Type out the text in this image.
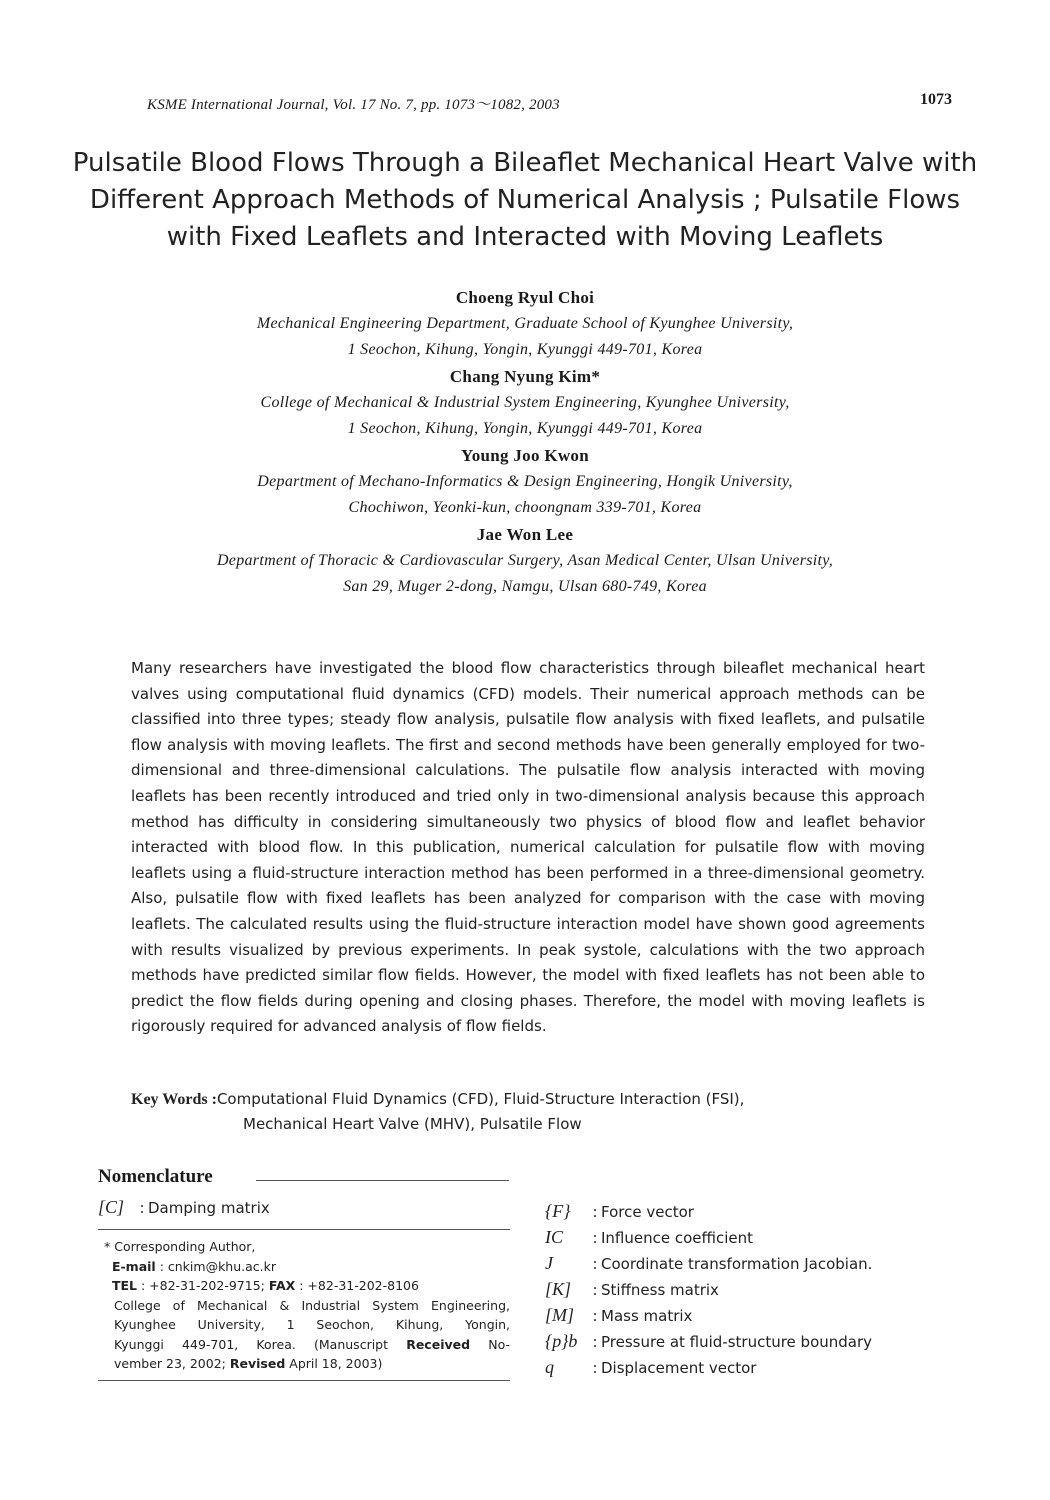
KSME International Journal, Vol. 17 No. 7, pp. 1073～1082, 2003	1073
Pulsatile Blood Flows Through a Bileaflet Mechanical Heart Valve with Different Approach Methods of Numerical Analysis ; Pulsatile Flows with Fixed Leaflets and Interacted with Moving Leaflets
Choeng Ryul Choi
Mechanical Engineering Department, Graduate School of Kyunghee University,
1 Seochon, Kihung, Yongin, Kyunggi 449-701, Korea
Chang Nyung Kim*
College of Mechanical & Industrial System Engineering, Kyunghee University,
1 Seochon, Kihung, Yongin, Kyunggi 449-701, Korea
Young Joo Kwon
Department of Mechano-Informatics & Design Engineering, Hongik University,
Chochiwon, Yeonki-kun, choongnam 339-701, Korea
Jae Won Lee
Department of Thoracic & Cardiovascular Surgery, Asan Medical Center, Ulsan University,
San 29, Muger 2-dong, Namgu, Ulsan 680-749, Korea
Many researchers have investigated the blood flow characteristics through bileaflet mechanical heart valves using computational fluid dynamics (CFD) models. Their numerical approach methods can be classified into three types; steady flow analysis, pulsatile flow analysis with fixed leaflets, and pulsatile flow analysis with moving leaflets. The first and second methods have been generally employed for two-dimensional and three-dimensional calculations. The pulsatile flow analysis interacted with moving leaflets has been recently introduced and tried only in two-dimensional analysis because this approach method has difficulty in considering simultaneously two physics of blood flow and leaflet behavior interacted with blood flow. In this publication, numerical calculation for pulsatile flow with moving leaflets using a fluid-structure interaction method has been performed in a three-dimensional geometry. Also, pulsatile flow with fixed leaflets has been analyzed for comparison with the case with moving leaflets. The calculated results using the fluid-structure interaction model have shown good agreements with results visualized by previous experiments. In peak systole, calculations with the two approach methods have predicted similar flow fields. However, the model with fixed leaflets has not been able to predict the flow fields during opening and closing phases. Therefore, the model with moving leaflets is rigorously required for advanced analysis of flow fields.
Key Words : Computational Fluid Dynamics (CFD), Fluid-Structure Interaction (FSI),
Mechanical Heart Valve (MHV), Pulsatile Flow
Nomenclature
[C]	: Damping matrix
* Corresponding Author,
E-mail : cnkim@khu.ac.kr
TEL : +82-31-202-9715; FAX : +82-31-202-8106
College of Mechanical & Industrial System Engineering,
Kyunghee University, 1 Seochon, Kihung, Yongin,
Kyunggi 449-701, Korea. (Manuscript Received No-
vember 23, 2002; Revised April 18, 2003)
{F}	: Force vector
IC	: Influence coefficient
J	: Coordinate transformation Jacobian.
[K]	: Stiffness matrix
[M]	: Mass matrix
{p}b	: Pressure at fluid-structure boundary
q	: Displacement vector
